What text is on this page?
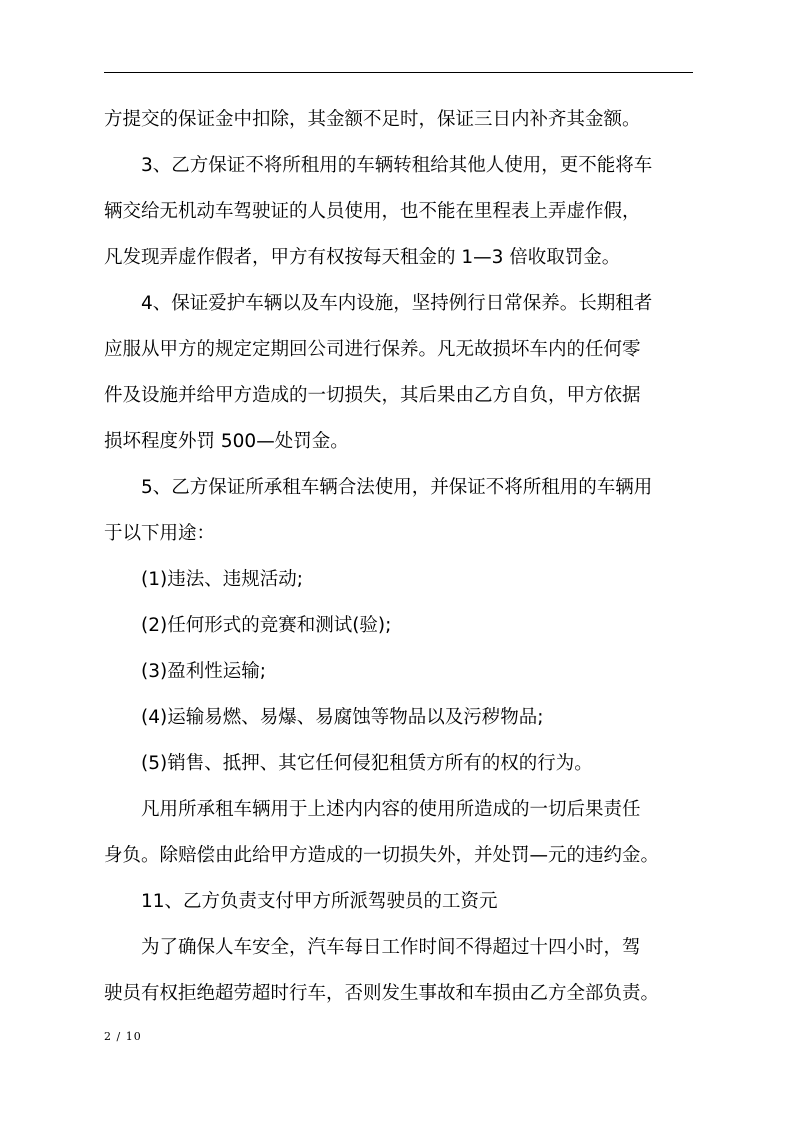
方提交的保证金中扣除，其金额不足时，保证三日内补齐其金额。

3、乙方保证不将所租用的车辆转租给其他人使用，更不能将车
辆交给无机动车驾驶证的人员使用，也不能在里程表上弄虚作假，
凡发现弄虚作假者，甲方有权按每天租金的 1—3 倍收取罚金。

4、保证爱护车辆以及车内设施，坚持例行日常保养。长期租者
应服从甲方的规定定期回公司进行保养。凡无故损坏车内的任何零
件及设施并给甲方造成的一切损失，其后果由乙方自负，甲方依据
损坏程度外罚 500—处罚金。

5、乙方保证所承租车辆合法使用，并保证不将所租用的车辆用
于以下用途：

(1)违法、违规活动;

(2)任何形式的竞赛和测试(验);

(3)盈利性运输;

(4)运输易燃、易爆、易腐蚀等物品以及污秽物品;

(5)销售、抵押、其它任何侵犯租赁方所有的权的行为。

凡用所承租车辆用于上述内内容的使用所造成的一切后果责任
身负。除赔偿由此给甲方造成的一切损失外，并处罚—元的违约金。

11、乙方负责支付甲方所派驾驶员的工资元

为了确保人车安全，汽车每日工作时间不得超过十四小时，驾
驶员有权拒绝超劳超时行车，否则发生事故和车损由乙方全部负责。

2 / 10
